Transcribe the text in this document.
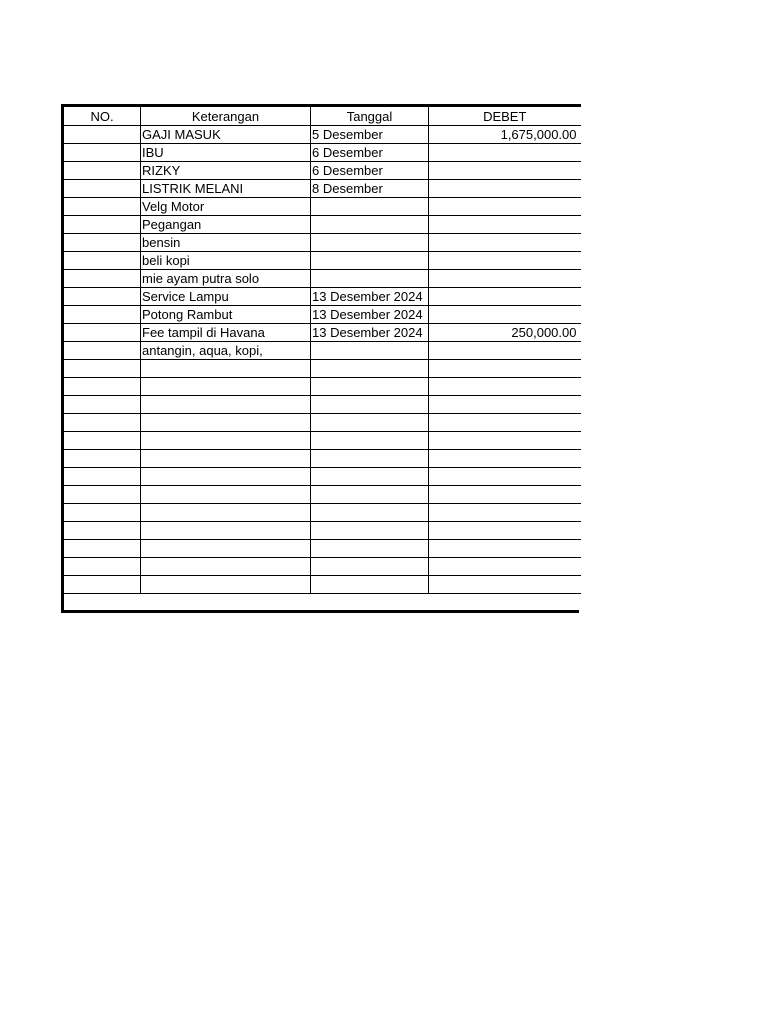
NO.	Keterangan	Tanggal	DEBET
	GAJI MASUK	5 Desember	1,675,000.00
	IBU	6 Desember	
	RIZKY	6 Desember	
	LISTRIK MELANI	8 Desember	
	Velg Motor		
	Pegangan		
	bensin		
	beli kopi		
	mie ayam putra solo		
	Service Lampu	13 Desember 2024	
	Potong Rambut	13 Desember 2024	
	Fee tampil di Havana	13 Desember 2024	250,000.00
	antangin, aqua, kopi,		
